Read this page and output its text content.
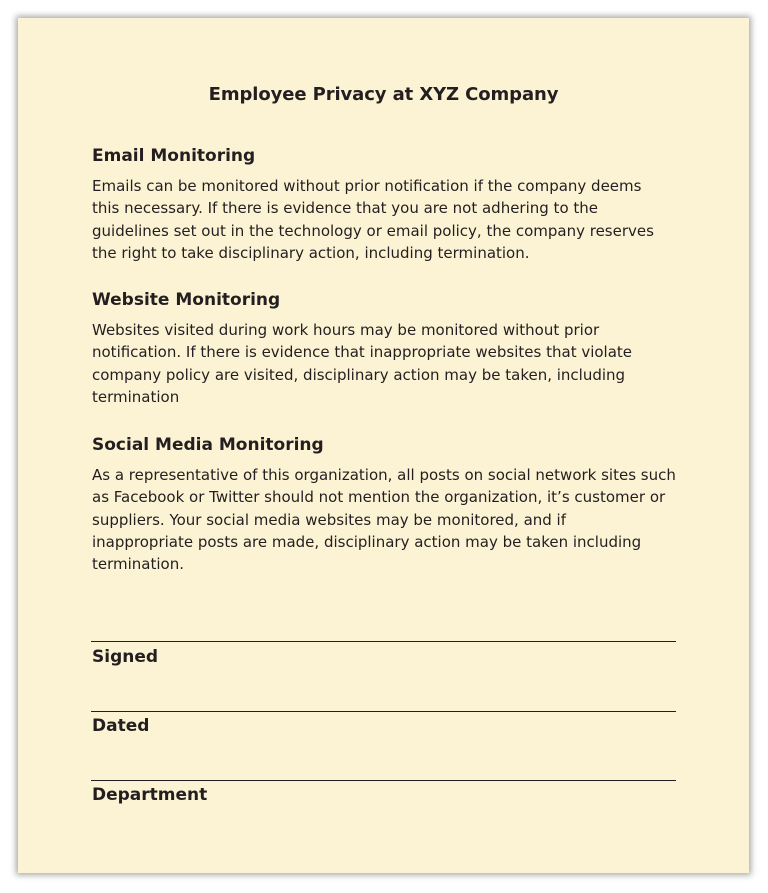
Employee Privacy at XYZ Company
Email Monitoring

Emails can be monitored without prior notification if the company deems
this necessary. If there is evidence that you are not adhering to the
guidelines set out in the technology or email policy, the company reserves
the right to take disciplinary action, including termination.

Website Monitoring

Websites visited during work hours may be monitored without prior
notification. If there is evidence that inappropriate websites that violate
company policy are visited, disciplinary action may be taken, including
termination

Social Media Monitoring

As a representative of this organization, all posts on social network sites such
as Facebook or Twitter should not mention the organization, it’s customer or
suppliers. Your social media websites may be monitored, and if
inappropriate posts are made, disciplinary action may be taken including
termination.

Signed
Dated
Department
